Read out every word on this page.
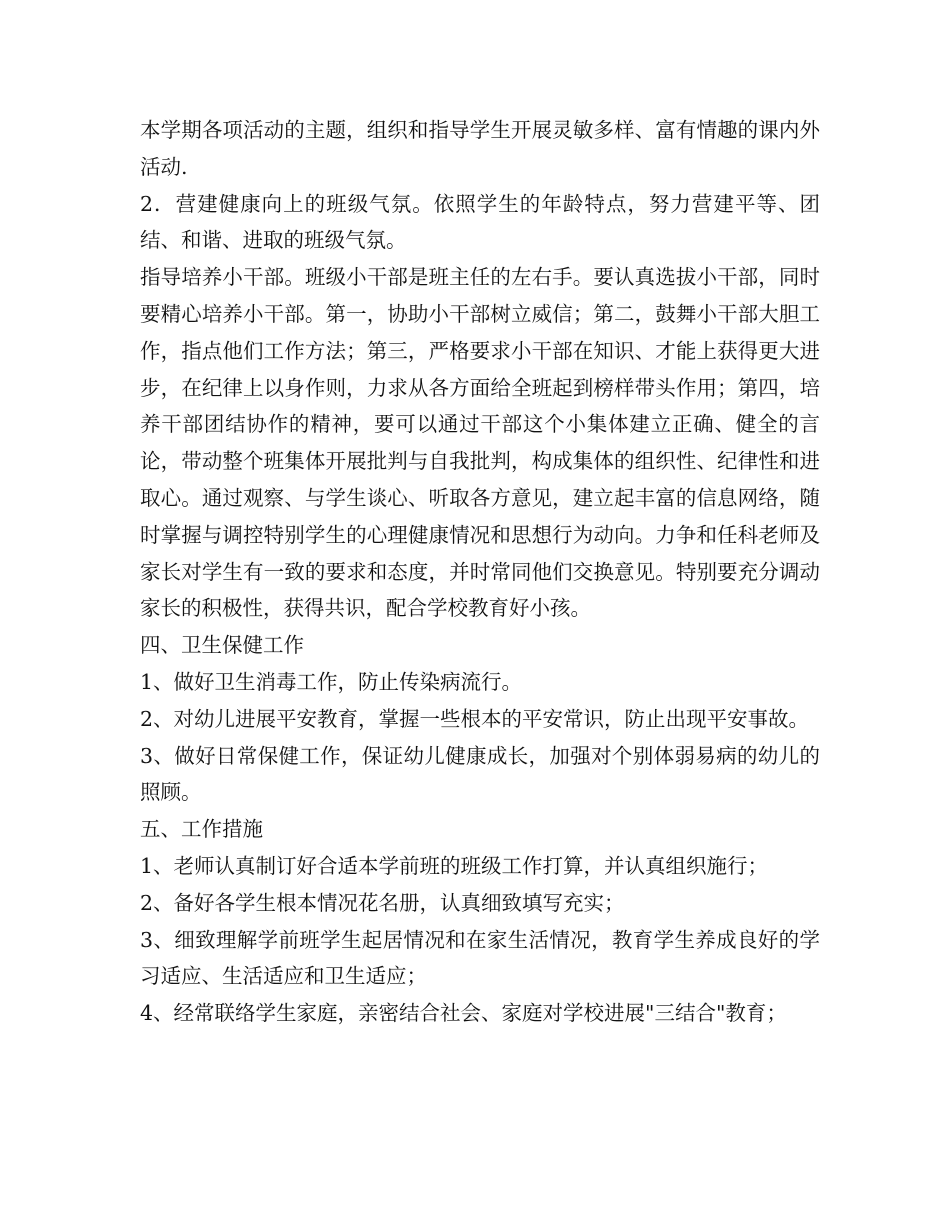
本学期各项活动的主题，组织和指导学生开展灵敏多样、富有情趣的课内外活动.

2．营建健康向上的班级气氛。依照学生的年龄特点，努力营建平等、团结、和谐、进取的班级气氛。

指导培养小干部。班级小干部是班主任的左右手。要认真选拔小干部，同时要精心培养小干部。第一，协助小干部树立威信；第二，鼓舞小干部大胆工作，指点他们工作方法；第三，严格要求小干部在知识、才能上获得更大进步，在纪律上以身作则，力求从各方面给全班起到榜样带头作用；第四，培养干部团结协作的精神，要可以通过干部这个小集体建立正确、健全的言论，带动整个班集体开展批判与自我批判，构成集体的组织性、纪律性和进取心。通过观察、与学生谈心、听取各方意见，建立起丰富的信息网络，随时掌握与调控特别学生的心理健康情况和思想行为动向。力争和任科老师及家长对学生有一致的要求和态度，并时常同他们交换意见。特别要充分调动家长的积极性，获得共识，配合学校教育好小孩。

四、卫生保健工作

1、做好卫生消毒工作，防止传染病流行。

2、对幼儿进展平安教育，掌握一些根本的平安常识，防止出现平安事故。

3、做好日常保健工作，保证幼儿健康成长，加强对个别体弱易病的幼儿的照顾。

五、工作措施

1、老师认真制订好合适本学前班的班级工作打算，并认真组织施行；

2、备好各学生根本情况花名册，认真细致填写充实；

3、细致理解学前班学生起居情况和在家生活情况，教育学生养成良好的学习适应、生活适应和卫生适应；

4、经常联络学生家庭，亲密结合社会、家庭对学校进展"三结合"教育；
